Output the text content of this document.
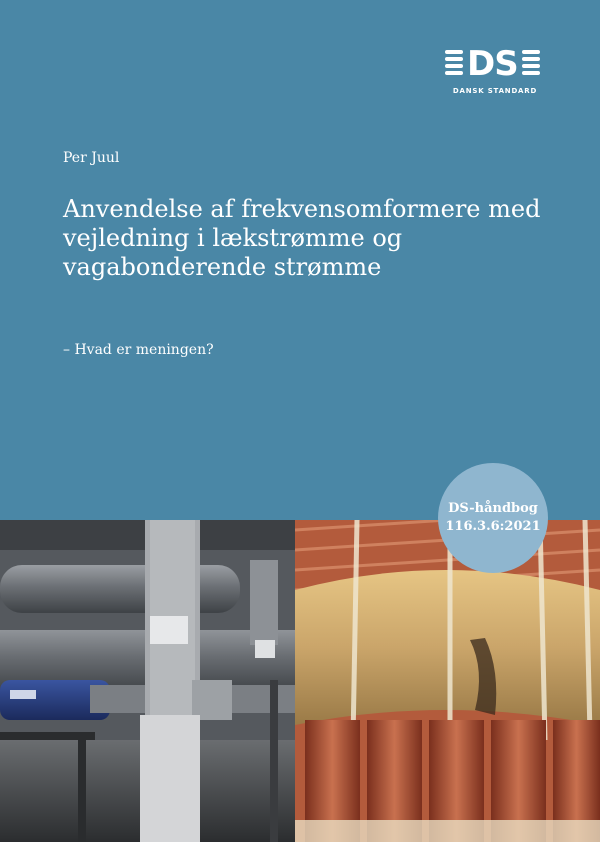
DS
DANSK STANDARD
Per Juul
Anvendelse af frekvensomformere med vejledning i lækstrømme og vagabonderende strømme
– Hvad er meningen?
DS-håndbog
116.3.6:2021
